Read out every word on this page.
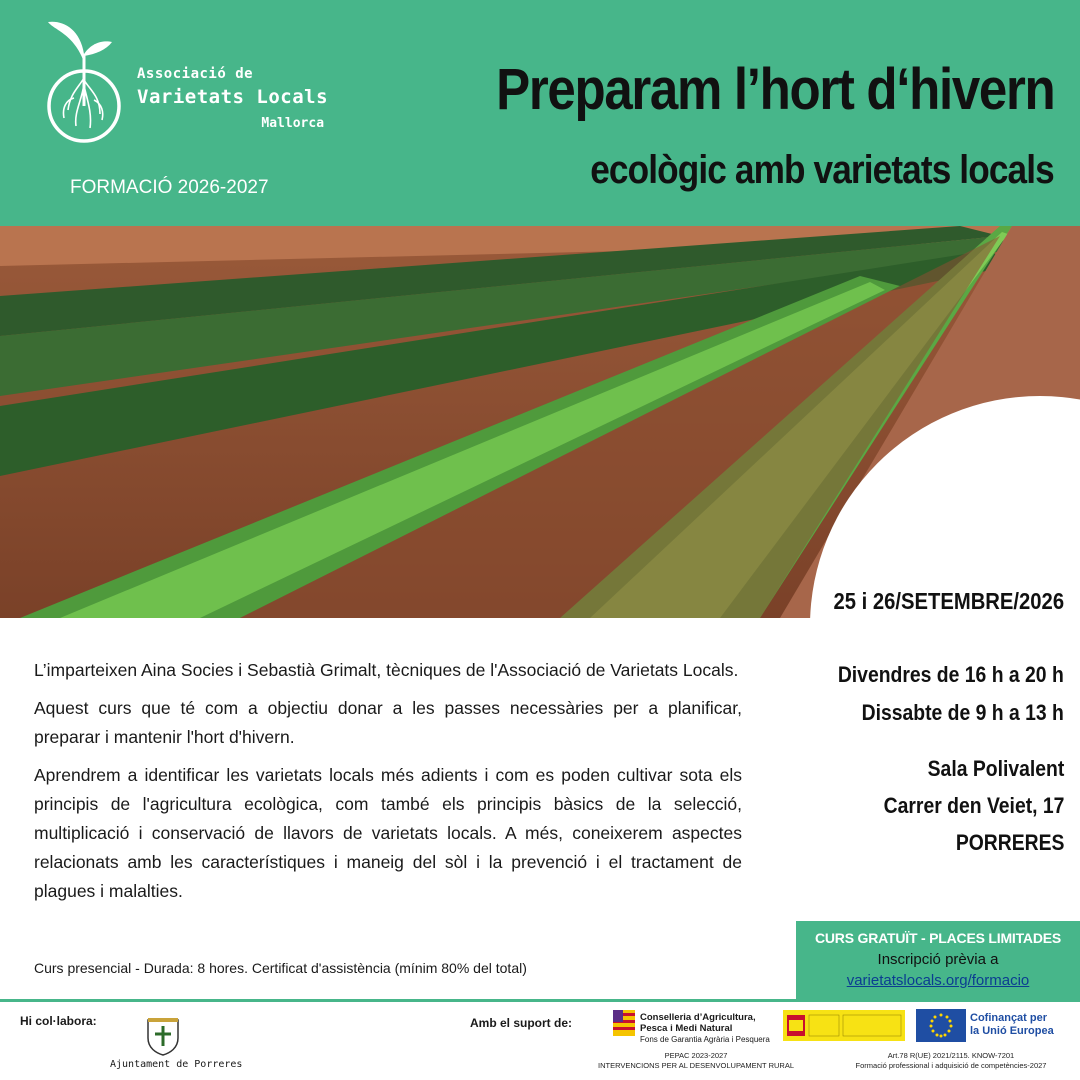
Associació de
Varietats Locals
Mallorca
FORMACIÓ 2026-2027
Preparam l’hort d‘hivern
ecològic amb varietats locals
25 i 26/SETEMBRE/2026

L’imparteixen Aina Socies i Sebastià Grimalt, tècniques de l'Associació de Varietats Locals.

Aquest curs que té com a objectiu donar a les passes necessàries per a planificar, preparar i mantenir l'hort d'hivern.

Aprendrem a identificar les varietats locals més adients i com es poden cultivar sota els principis de l'agricultura ecològica, com també els principis bàsics de la selecció, multiplicació i conservació de llavors de varietats locals. A més, coneixerem aspectes relacionats amb les característiques i maneig del sòl i la prevenció i el tractament de plagues i malalties.

Curs presencial - Durada: 8 hores. Certificat d'assistència (mínim 80% del total)
Divendres de 16 h a 20 h
Dissabte de 9 h a 13 h
Sala Polivalent
Carrer den Veiet, 17
PORRERES
CURS GRATUÏT - PLACES LIMITADES
Inscripció prèvia a
varietatslocals.org/formacio
Hi col·labora:
Ajuntament de Porreres
Amb el suport de:	Conselleria d’Agricultura,
Pesca i Medi Natural
Fons de Garantia Agrària i Pesquera
Cofinançat per
la Unió Europea
PEPAC 2023-2027
INTERVENCIONS PER AL DESENVOLUPAMENT RURAL
Art.78 R(UE) 2021/2115. KNOW-7201
Formació professional i adquisició de competències-2027
